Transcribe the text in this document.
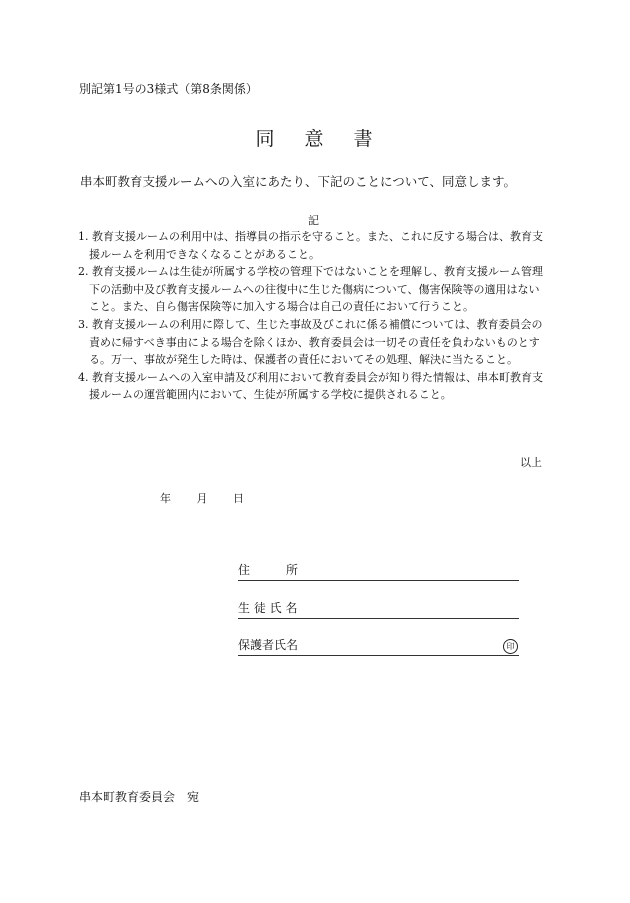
別記第1号の3様式（第8条関係）
同 意 書
串本町教育支援ルームへの入室にあたり、下記のことについて、同意します。
記
1. 教育支援ルームの利用中は、指導員の指示を守ること。また、これに反する場合は、教育支援ルームを利用できなくなることがあること。
2. 教育支援ルームは生徒が所属する学校の管理下ではないことを理解し、教育支援ルーム管理下の活動中及び教育支援ルームへの往復中に生じた傷病について、傷害保険等の適用はないこと。また、自ら傷害保険等に加入する場合は自己の責任において行うこと。
3. 教育支援ルームの利用に際して、生じた事故及びこれに係る補償については、教育委員会の責めに帰すべき事由による場合を除くほか、教育委員会は一切その責任を負わないものとする。万一、事故が発生した時は、保護者の責任においてその処理、解決に当たること。
4. 教育支援ルームへの入室申請及び利用において教育委員会が知り得た情報は、串本町教育支援ルームの運営範囲内において、生徒が所属する学校に提供されること。
以上
年 月 日
住　　　所
生 徒 氏 名
保護者氏名	印
串本町教育委員会　宛
